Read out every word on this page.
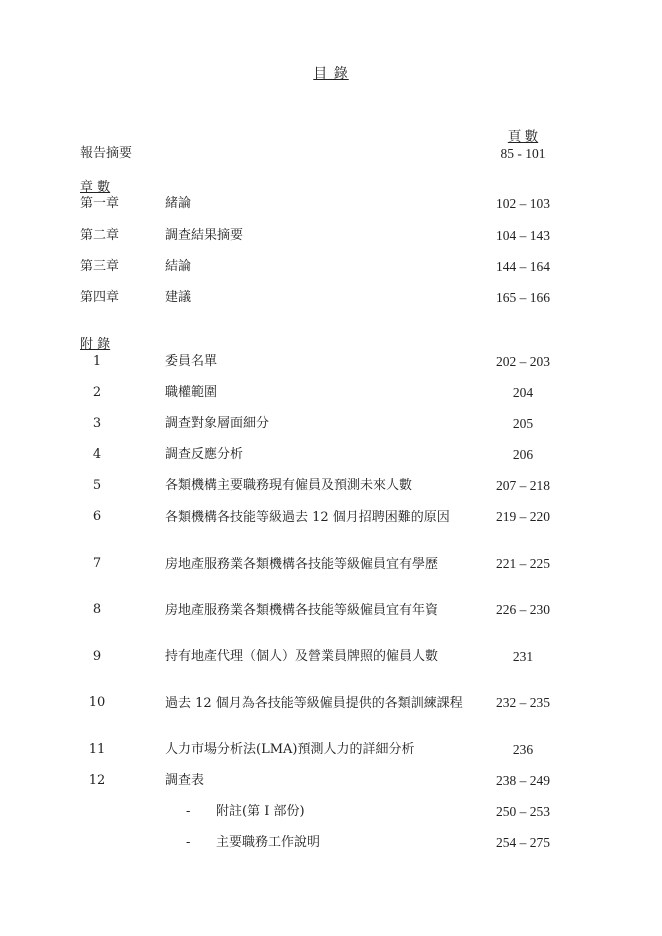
目 錄
頁 數
報告摘要	85 - 101
章 數
第一章	緒論	102 – 103
第二章	調查結果摘要	104 – 143
第三章	結論	144 – 164
第四章	建議	165 – 166
附 錄
1	委員名單	202 – 203
2	職權範圍	204
3	調查對象層面細分	205
4	調查反應分析	206
5	各類機構主要職務現有僱員及預測未來人數	207 – 218
6	各類機構各技能等級過去 12 個月招聘困難的原因	219 – 220
7	房地產服務業各類機構各技能等級僱員宜有學歷	221 – 225
8	房地產服務業各類機構各技能等級僱員宜有年資	226 – 230
9	持有地產代理（個人）及營業員牌照的僱員人數	231
10	過去 12 個月為各技能等級僱員提供的各類訓練課程	232 – 235
11	人力市場分析法(LMA)預測人力的詳細分析	236
12	調查表	238 – 249
- 附註(第 I 部份)	250 – 253
- 主要職務工作說明	254 – 275
